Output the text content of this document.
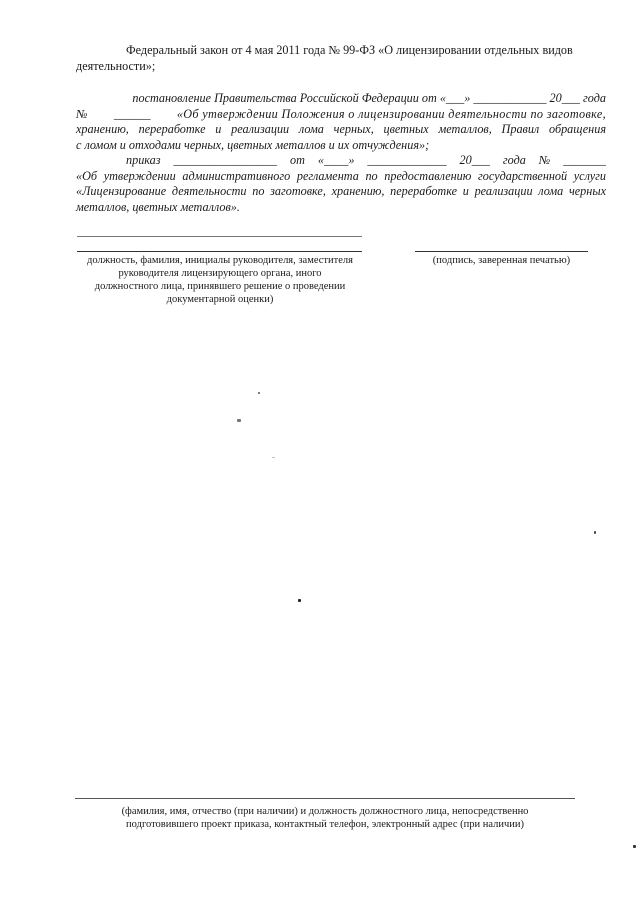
Федеральный закон от 4 мая 2011 года № 99-ФЗ «О лицензировании отдельных видов
деятельности»;
постановление Правительства Российской Федерации от «___» ____________ 20___ года
№ ______ «Об утверждении Положения о лицензировании деятельности по заготовке,
хранению, переработке и реализации лома черных, цветных металлов, Правил обращения
с ломом и отходами черных, цветных металлов и их отчуждения»;
приказ _________________ от «____» _____________ 20___ года № _______
«Об утверждении административного регламента по предоставлению государственной услуги
«Лицензирование деятельности по заготовке, хранению, переработке и реализации лома черных
металлов, цветных металлов».
должность, фамилия, инициалы руководителя, заместителя
руководителя лицензирующего органа, иного
должностного лица, принявшего решение о проведении
документарной оценки)
(подпись, заверенная печатью)
(фамилия, имя, отчество (при наличии) и должность должностного лица, непосредственно
подготовившего проект приказа, контактный телефон, электронный адрес (при наличии)
